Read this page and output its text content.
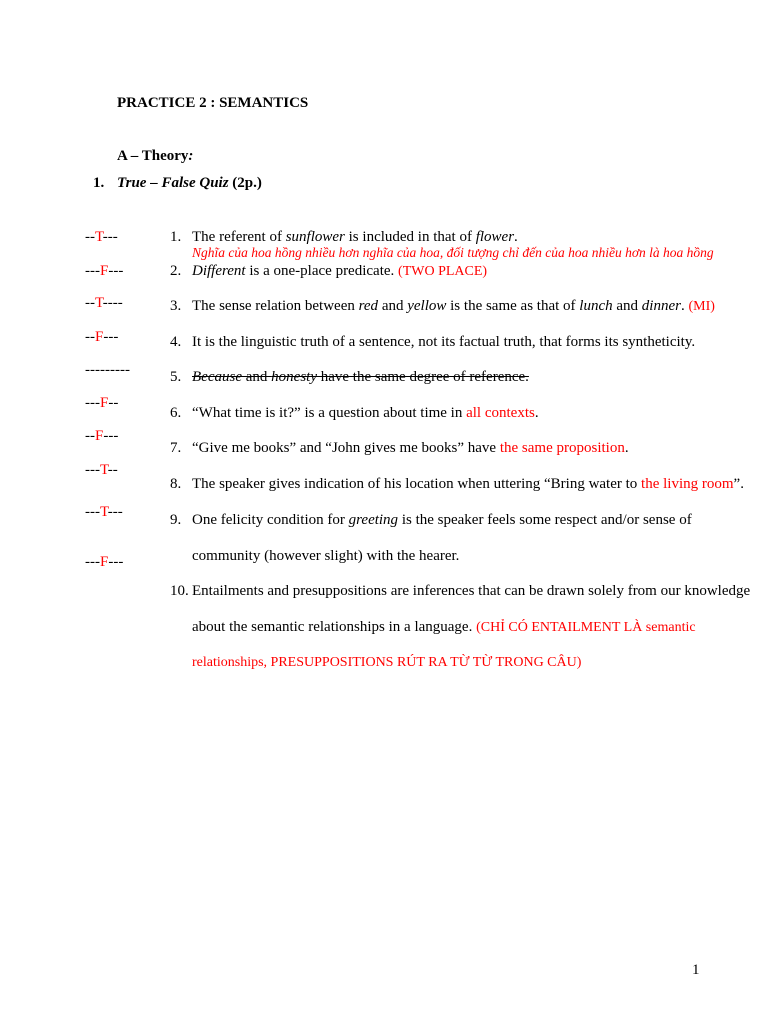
PRACTICE 2 : SEMANTICS
A – Theory:
1. True – False Quiz (2p.)
--T---
---F---
--T----
--F---
---------
---F--
--F---
---T--
---T---
---F---
1. The referent of sunflower is included in that of flower.
Nghĩa của hoa hồng nhiều hơn nghĩa của hoa, đối tượng chỉ đến của hoa nhiều hơn là hoa hồng
2. Different is a one-place predicate. (TWO PLACE)
3. The sense relation between red and yellow is the same as that of lunch and dinner. (MI)
4. It is the linguistic truth of a sentence, not its factual truth, that forms its syntheticity.
5. Because and honesty have the same degree of reference.
6. “What time is it?” is a question about time in all contexts.
7. “Give me books” and “John gives me books” have the same proposition.
8. The speaker gives indication of his location when uttering “Bring water to the living room”.
9. One felicity condition for greeting is the speaker feels some respect and/or sense of
community (however slight) with the hearer.
10. Entailments and presuppositions are inferences that can be drawn solely from our knowledge
about the semantic relationships in a language. (CHỈ CÓ ENTAILMENT LÀ semantic
relationships, PRESUPPOSITIONS RÚT RA TỪ TỪ TRONG CÂU)
1
